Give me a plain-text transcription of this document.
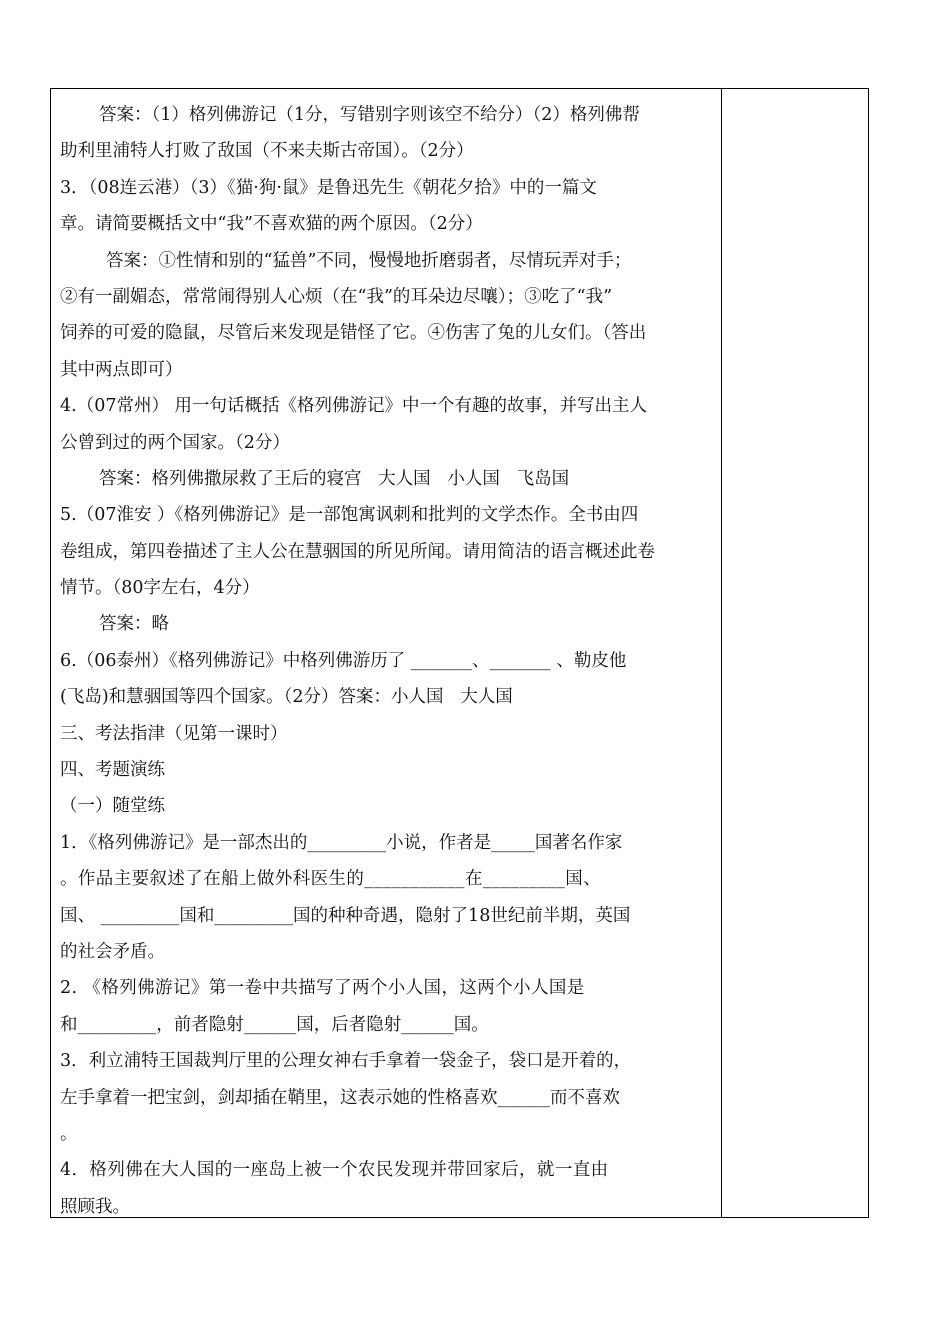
答案：（1）格列佛游记（1分，写错别字则该空不给分）（2）格列佛帮
助利里浦特人打败了敌国（不来夫斯古帝国）。（2分）
3．（08连云港）（3）《猫·狗·鼠》是鲁迅先生《朝花夕拾》中的一篇文
章。请简要概括文中“我”不喜欢猫的两个原因。（2分）
答案：①性情和别的“猛兽”不同，慢慢地折磨弱者，尽情玩弄对手；
②有一副媚态，常常闹得别人心烦（在“我”的耳朵边尽嚷）；③吃了“我”
饲养的可爱的隐鼠，尽管后来发现是错怪了它。④伤害了兔的儿女们。（答出
其中两点即可）
4.（07常州） 用一句话概括《格列佛游记》中一个有趣的故事，并写出主人
公曾到过的两个国家。（2分）
答案：格列佛撒尿救了王后的寝宫   大人国   小人国   飞岛国
5.（07淮安 ）《格列佛游记》是一部饱寓讽刺和批判的文学杰作。全书由四
卷组成，第四卷描述了主人公在慧骃国的所见所闻。请用简洁的语言概述此卷
情节。（80字左右，4分）
答案：略
6.（06泰州）《格列佛游记》中格列佛游历了 _______、_______ 、勒皮他
(飞岛)和慧骃国等四个国家。（2分）答案：小人国   大人国
三、考法指津（见第一课时）
四、考题演练
（一）随堂练
1．《格列佛游记》是一部杰出的_________小说，作者是_____国著名作家
。作品主要叙述了在船上做外科医生的___________在_________国、
国、 _________国和_________国的种种奇遇，隐射了18世纪前半期，英国
的社会矛盾。
2. 《格列佛游记》第一卷中共描写了两个小人国，这两个小人国是
和_________，前者隐射______国，后者隐射______国。
3．利立浦特王国裁判厅里的公理女神右手拿着一袋金子，袋口是开着的，
左手拿着一把宝剑，剑却插在鞘里，这表示她的性格喜欢______而不喜欢
。
4．格列佛在大人国的一座岛上被一个农民发现并带回家后，就一直由
照顾我。
